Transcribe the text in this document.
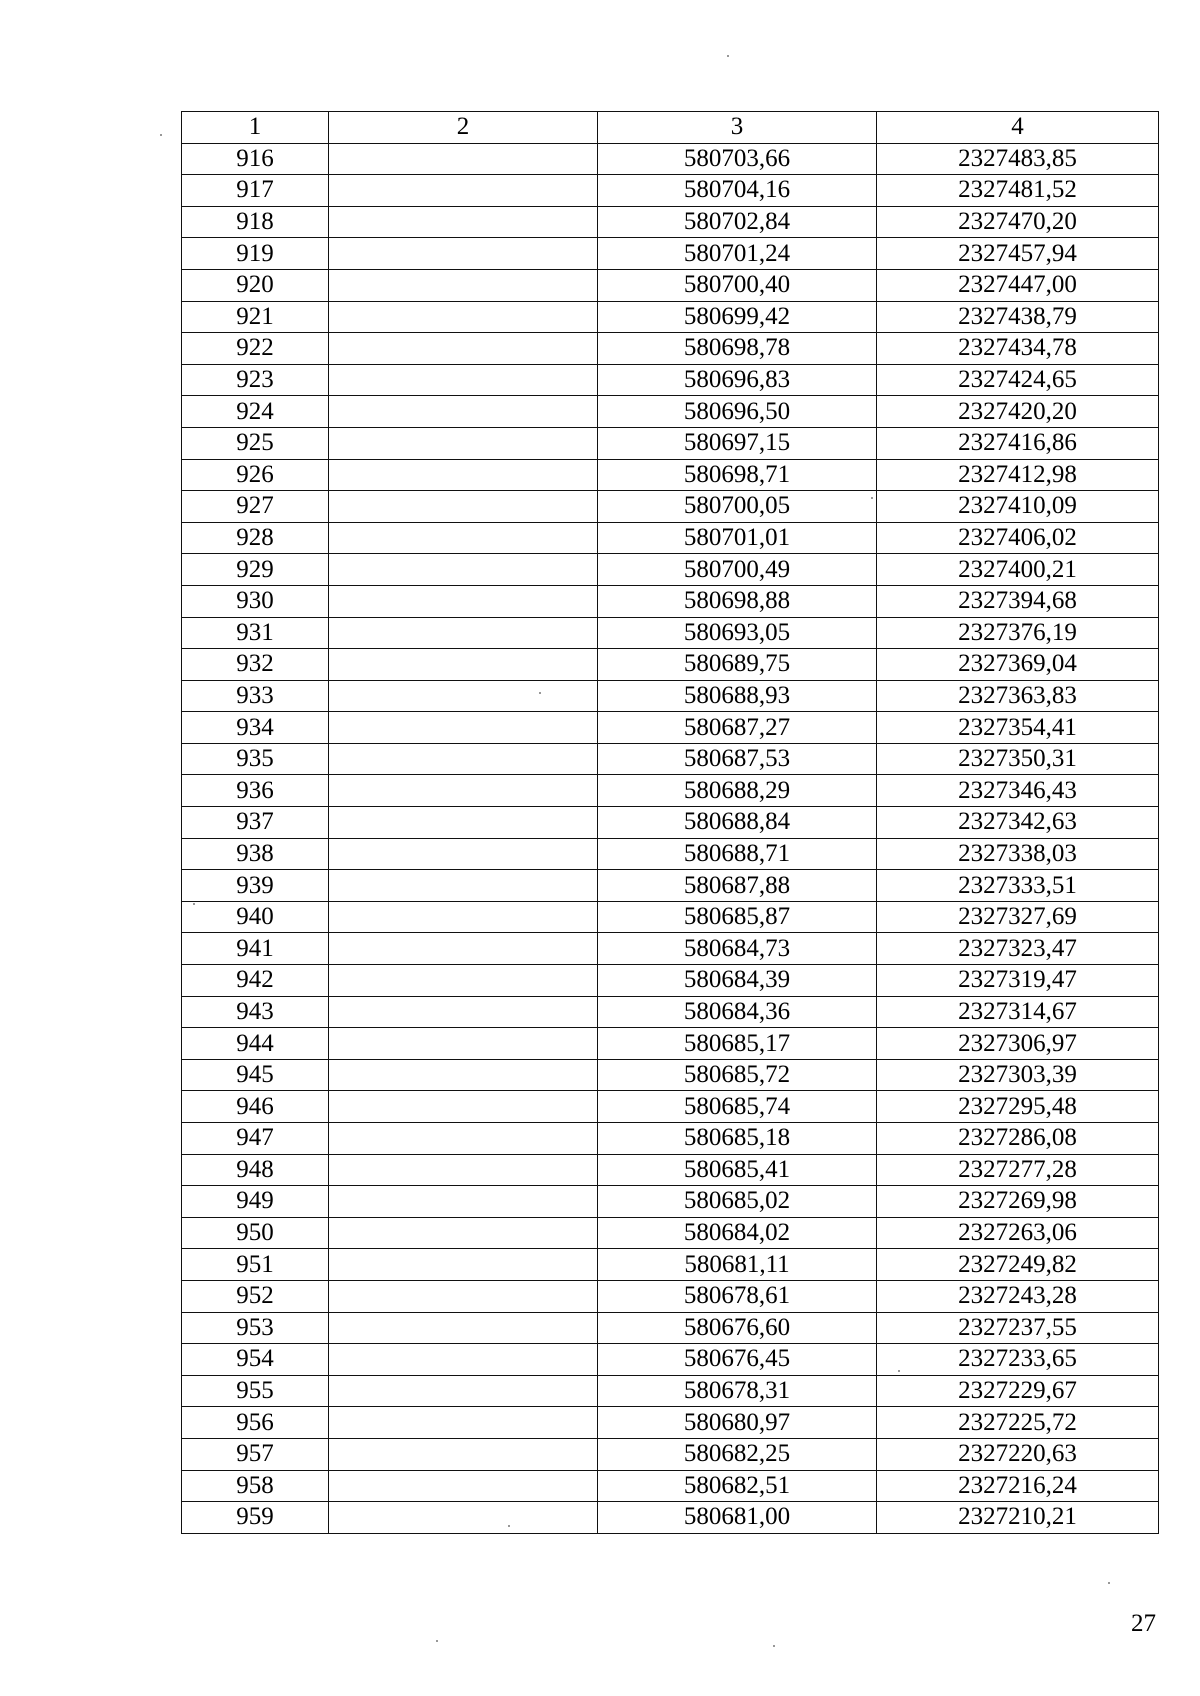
1	2	3	4
916		580703,66	2327483,85
917		580704,16	2327481,52
918		580702,84	2327470,20
919		580701,24	2327457,94
920		580700,40	2327447,00
921		580699,42	2327438,79
922		580698,78	2327434,78
923		580696,83	2327424,65
924		580696,50	2327420,20
925		580697,15	2327416,86
926		580698,71	2327412,98
927		580700,05	2327410,09
928		580701,01	2327406,02
929		580700,49	2327400,21
930		580698,88	2327394,68
931		580693,05	2327376,19
932		580689,75	2327369,04
933		580688,93	2327363,83
934		580687,27	2327354,41
935		580687,53	2327350,31
936		580688,29	2327346,43
937		580688,84	2327342,63
938		580688,71	2327338,03
939		580687,88	2327333,51
940		580685,87	2327327,69
941		580684,73	2327323,47
942		580684,39	2327319,47
943		580684,36	2327314,67
944		580685,17	2327306,97
945		580685,72	2327303,39
946		580685,74	2327295,48
947		580685,18	2327286,08
948		580685,41	2327277,28
949		580685,02	2327269,98
950		580684,02	2327263,06
951		580681,11	2327249,82
952		580678,61	2327243,28
953		580676,60	2327237,55
954		580676,45	2327233,65
955		580678,31	2327229,67
956		580680,97	2327225,72
957		580682,25	2327220,63
958		580682,51	2327216,24
959		580681,00	2327210,21
27
